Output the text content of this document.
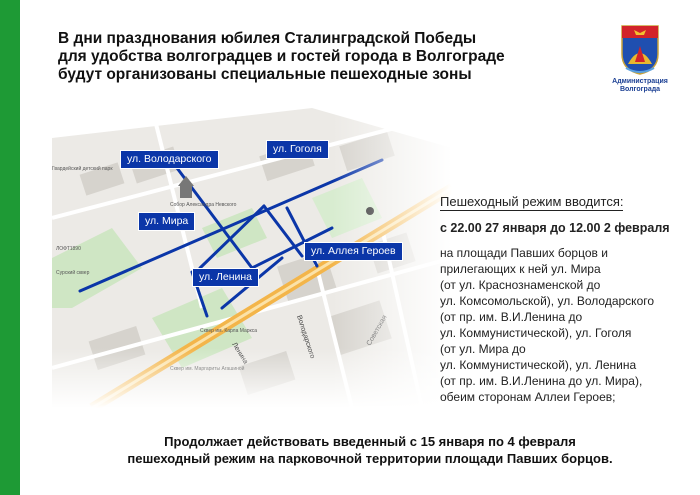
В дни празднования юбилея Сталинградской Победы
для удобства волгоградцев и гостей города в Волгограде
будут организованы специальные пешеходные зоны	Администрация
Волгограда
ул. Володарского
ул. Гоголя
ул. Мира
ул. Аллея Героев
ул. Ленина
Пешеходный режим вводится:
с 22.00 27 января до 12.00 2 февраля
на площади Павших борцов и
прилегающих к ней ул. Мира
(от ул. Краснознаменской до
ул. Комсомольской), ул. Володарского
(от пр. им. В.И.Ленина до
ул. Коммунистической), ул. Гоголя
(от ул. Мира до
ул. Коммунистической), ул. Ленина
(от пр. им. В.И.Ленина до ул. Мира),
обеим сторонам Аллеи Героев;
Продолжает действовать введенный с 15 января по 4 февраля
пешеходный режим на парковочной территории площади Павших борцов.
